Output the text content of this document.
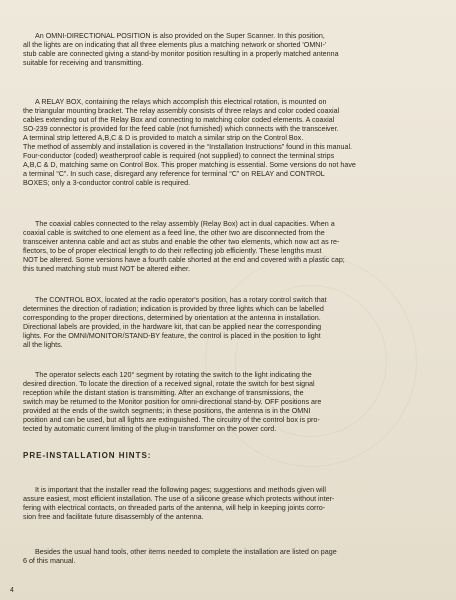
An OMNI-DIRECTIONAL POSITION is also provided on the Super Scanner. In this position,
all the lights are on indicating that all three elements plus a matching network or shorted 'OMNI-'
stub cable are connected giving a stand-by monitor position resulting in a properly matched antenna
suitable for receiving and transmitting.

A RELAY BOX, containing the relays which accomplish this electrical rotation, is mounted on
the triangular mounting bracket. The relay assembly consists of three relays and color coded coaxial
cables extending out of the Relay Box and connecting to matching color coded elements. A coaxial
SO-239 connector is provided for the feed cable (not furnished) which connects with the transceiver.
A terminal strip lettered A,B,C & D is provided to match a similar strip on the Control Box.
The method of assembly and installation is covered in the “Installation Instructions” found in this manual.
Four-conductor (coded) weatherproof cable is required (not supplied) to connect the terminal strips
A,B,C & D, matching same on Control Box. This proper matching is essential. Some versions do not have
a terminal “C”. In such case, disregard any reference for terminal “C” on RELAY and CONTROL
BOXES; only a 3-conductor control cable is required.

The coaxial cables connected to the relay assembly (Relay Box) act in dual capacities. When a
coaxial cable is switched to one element as a feed line, the other two are disconnected from the
transceiver antenna cable and act as stubs and enable the other two elements, which now act as re-
flectors, to be of proper electrical length to do their reflecting job efficiently. These lengths must
NOT be altered. Some versions have a fourth cable shorted at the end and covered with a plastic cap;
this tuned matching stub must NOT be altered either.

The CONTROL BOX, located at the radio operator's position, has a rotary control switch that
determines the direction of radiation; indication is provided by three lights which can be labelled
corresponding to the proper directions, determined by orientation at the antenna in installation.
Directional labels are provided, in the hardware kit, that can be applied near the corresponding
lights. For the OMNI/MONITOR/STAND-BY feature, the control is placed in the position to light
all the lights.

The operator selects each 120° segment by rotating the switch to the light indicating the
desired direction. To locate the direction of a received signal, rotate the switch for best signal
reception while the distant station is transmitting. After an exchange of transmissions, the
switch may be returned to the Monitor position for omni-directional stand-by. OFF positions are
provided at the ends of the switch segments; in these positions, the antenna is in the OMNI
position and can be used, but all lights are extinguished. The circuitry of the control box is pro-
tected by automatic current limiting of the plug-in transformer on the power cord.

PRE-INSTALLATION HINTS:

It is important that the installer read the following pages; suggestions and methods given will
assure easiest, most efficient installation. The use of a silicone grease which protects without inter-
fering with electrical contacts, on threaded parts of the antenna, will help in keeping joints corro-
sion free and facilitate future disassembly of the antenna.

Besides the usual hand tools, other items needed to complete the installation are listed on page
6 of this manual.

4
